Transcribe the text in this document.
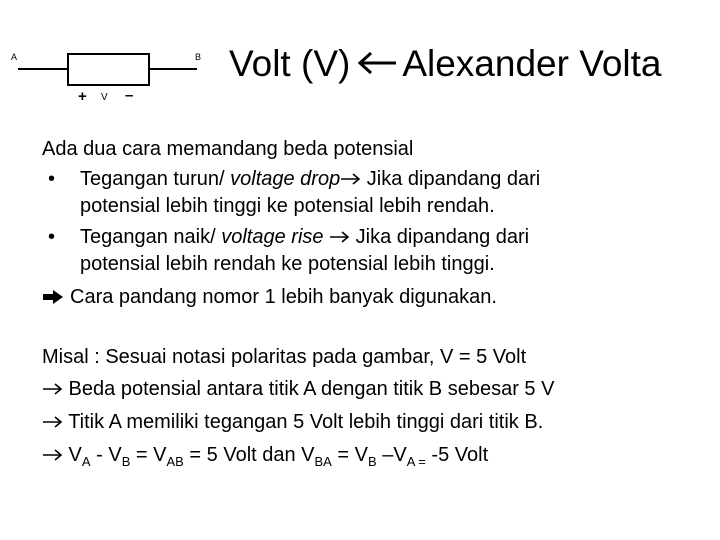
A	B
+ V –
Volt (V) Alexander Volta
Ada dua cara memandang beda potensial
• Tegangan turun/ voltage drop Jika dipandang dari
potensial lebih tinggi ke potensial lebih rendah.
• Tegangan naik/ voltage rise  Jika dipandang dari
potensial lebih rendah ke potensial lebih tinggi.
Cara pandang nomor 1 lebih banyak digunakan.
Misal : Sesuai notasi polaritas pada gambar, V = 5 Volt
Beda potensial antara titik A dengan titik B sebesar 5 V
Titik A memiliki tegangan 5 Volt lebih tinggi dari titik B.
$V_A - V_B = V_{AB} = 5$ Volt dan $V_{BA} = V_B$ $-V_{A =}$ -5 Volt
